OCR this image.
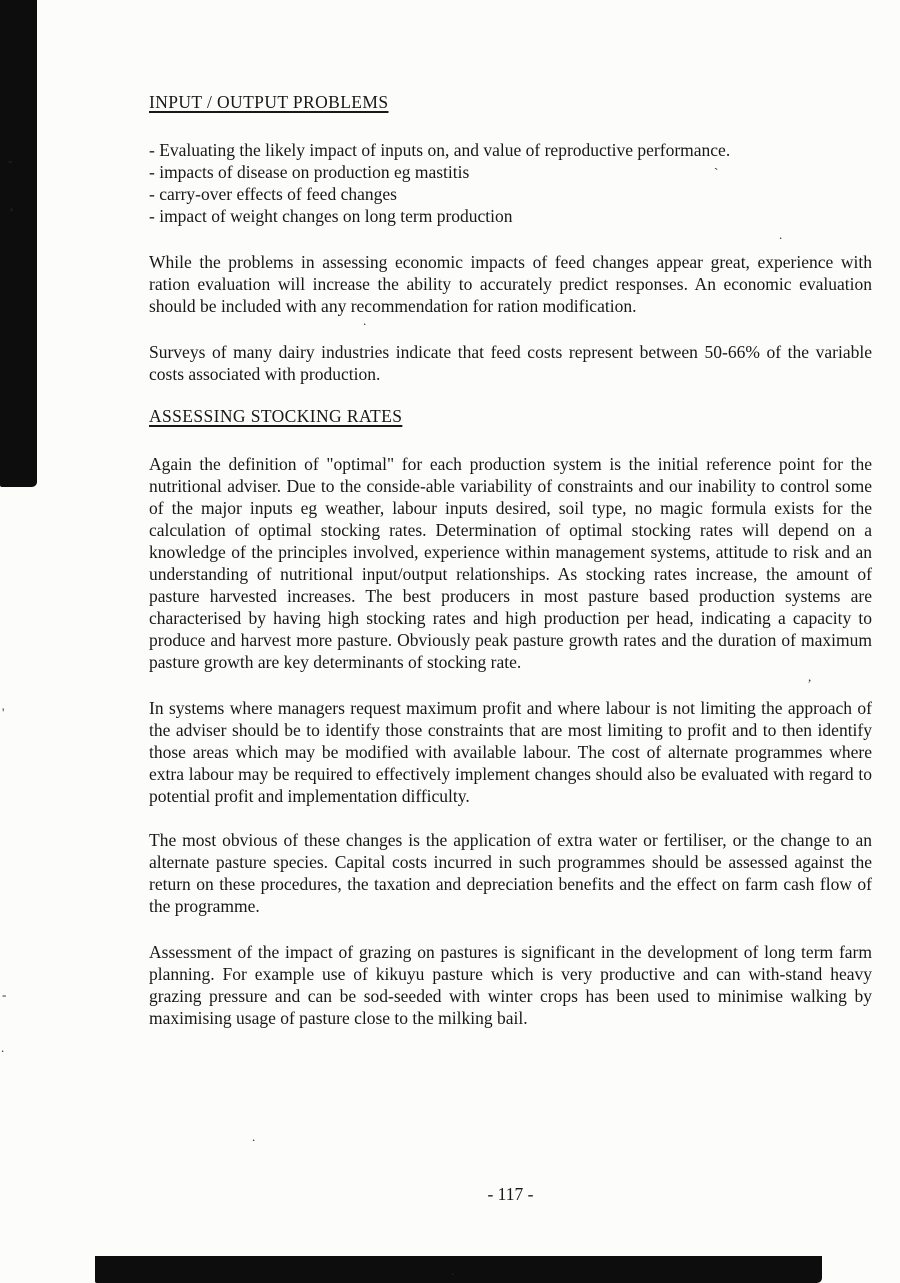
INPUT / OUTPUT PROBLEMS
- Evaluating the likely impact of inputs on, and value of reproductive performance.
- impacts of disease on production eg mastitis
- carry-over effects of feed changes
- impact of weight changes on long term production

While the problems in assessing economic impacts of feed changes appear great, experience with ration evaluation will increase the ability to accurately predict responses. An economic evaluation should be included with any recommendation for ration modification.

Surveys of many dairy industries indicate that feed costs represent between 50-66% of the variable costs associated with production.

ASSESSING STOCKING RATES

Again the definition of "optimal" for each production system is the initial reference point for the nutritional adviser. Due to the conside-able variability of constraints and our inability to control some of the major inputs eg weather, labour inputs desired, soil type, no magic formula exists for the calculation of optimal stocking rates. Determination of optimal stocking rates will depend on a knowledge of the principles involved, experience within management systems, attitude to risk and an understanding of nutritional input/output relationships. As stocking rates increase, the amount of pasture harvested increases. The best producers in most pasture based production systems are characterised by having high stocking rates and high production per head, indicating a capacity to produce and harvest more pasture. Obviously peak pasture growth rates and the duration of maximum pasture growth are key determinants of stocking rate.

In systems where managers request maximum profit and where labour is not limiting the approach of the adviser should be to identify those constraints that are most limiting to profit and to then identify those areas which may be modified with available labour. The cost of alternate programmes where extra labour may be required to effectively implement changes should also be evaluated with regard to potential profit and implementation difficulty.

The most obvious of these changes is the application of extra water or fertiliser, or the change to an alternate pasture species. Capital costs incurred in such programmes should be assessed against the return on these procedures, the taxation and depreciation benefits and the effect on farm cash flow of the programme.

Assessment of the impact of grazing on pastures is significant in the development of long term farm planning. For example use of kikuyu pasture which is very productive and can with-stand heavy grazing pressure and can be sod-seeded with winter crops has been used to minimise walking by maximising usage of pasture close to the milking bail.

- 117 -
-
,
'
-
.
`
.
.
,
.
.
